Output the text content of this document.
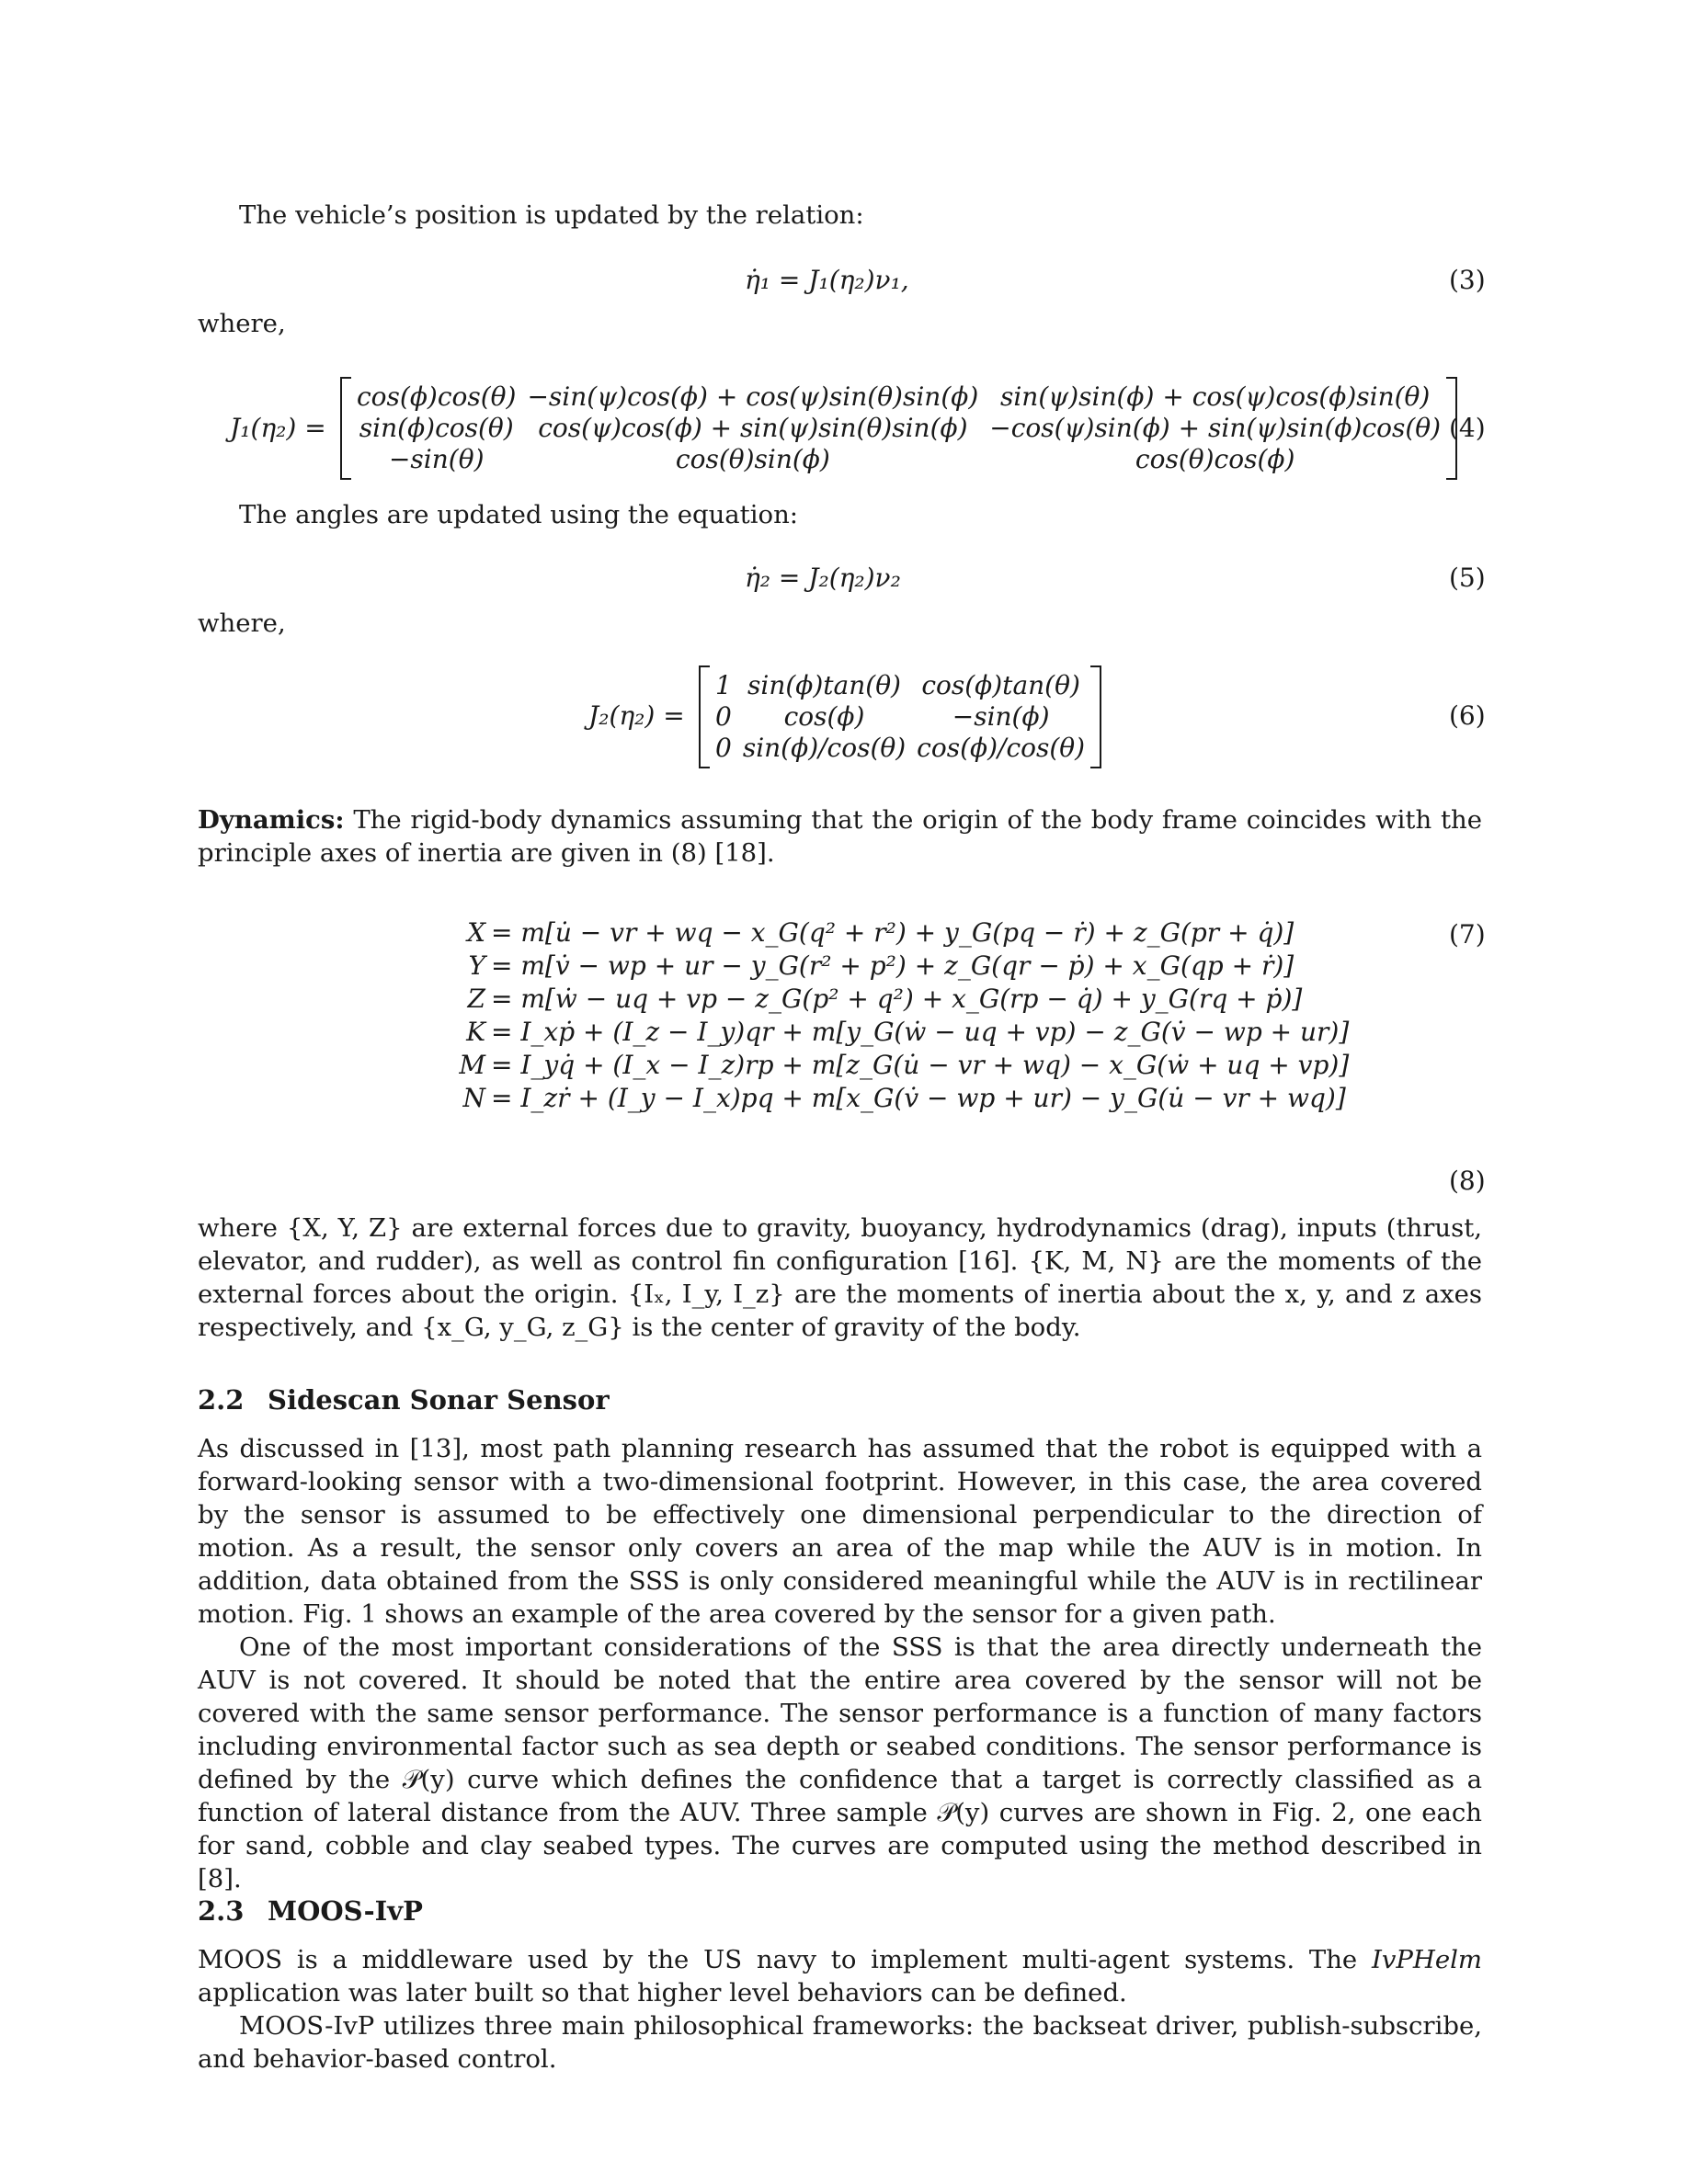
The vehicle’s position is updated by the relation:
η̇₁ = J₁(η₂)ν₁,	(3)
where,
J₁(η₂) =
cos(ϕ)cos(θ)	−sin(ψ)cos(ϕ) + cos(ψ)sin(θ)sin(ϕ)	sin(ψ)sin(ϕ) + cos(ψ)cos(ϕ)sin(θ)
sin(ϕ)cos(θ)	cos(ψ)cos(ϕ) + sin(ψ)sin(θ)sin(ϕ)	−cos(ψ)sin(ϕ) + sin(ψ)sin(ϕ)cos(θ)
−sin(θ)	cos(θ)sin(ϕ)	cos(θ)cos(ϕ)
(4)
The angles are updated using the equation:
η̇₂ = J₂(η₂)ν₂	(5)
where,
J₂(η₂) =
1	sin(ϕ)tan(θ)	cos(ϕ)tan(θ)
0	cos(ϕ)	−sin(ϕ)
0	sin(ϕ)/cos(θ)	cos(ϕ)/cos(θ)
(6)
Dynamics: The rigid-body dynamics assuming that the origin of the body frame coincides with the principle axes of inertia are given in (8) [18].
X = m[u̇ − vr + wq − x_G(q² + r²) + y_G(pq − ṙ) + z_G(pr + q̇)]
Y = m[v̇ − wp + ur − y_G(r² + p²) + z_G(qr − ṗ) + x_G(qp + ṙ)]
Z = m[ẇ − uq + vp − z_G(p² + q²) + x_G(rp − q̇) + y_G(rq + ṗ)]
K = I_xṗ + (I_z − I_y)qr + m[y_G(ẇ − uq + vp) − z_G(v̇ − wp + ur)]
M = I_yq̇ + (I_x − I_z)rp + m[z_G(u̇ − vr + wq) − x_G(ẇ + uq + vp)]
N = I_zṙ + (I_y − I_x)pq + m[x_G(v̇ − wp + ur) − y_G(u̇ − vr + wq)]
(7)
(8)
where {X, Y, Z} are external forces due to gravity, buoyancy, hydrodynamics (drag), inputs (thrust, elevator, and rudder), as well as control fin configuration [16]. {K, M, N} are the moments of the external forces about the origin. {Iₓ, I_y, I_z} are the moments of inertia about the x, y, and z axes respectively, and {x_G, y_G, z_G} is the center of gravity of the body.
2.2 Sidescan Sonar Sensor
As discussed in [13], most path planning research has assumed that the robot is equipped with a forward-looking sensor with a two-dimensional footprint. However, in this case, the area covered by the sensor is assumed to be effectively one dimensional perpendicular to the direction of motion. As a result, the sensor only covers an area of the map while the AUV is in motion. In addition, data obtained from the SSS is only considered meaningful while the AUV is in rectilinear motion. Fig. 1 shows an example of the area covered by the sensor for a given path.
One of the most important considerations of the SSS is that the area directly underneath the AUV is not covered. It should be noted that the entire area covered by the sensor will not be covered with the same sensor performance. The sensor performance is a function of many factors including environmental factor such as sea depth or seabed conditions. The sensor performance is defined by the 𝒫(y) curve which defines the confidence that a target is correctly classified as a function of lateral distance from the AUV. Three sample 𝒫(y) curves are shown in Fig. 2, one each for sand, cobble and clay seabed types. The curves are computed using the method described in [8].
2.3 MOOS-IvP
MOOS is a middleware used by the US navy to implement multi-agent systems. The IvPHelm application was later built so that higher level behaviors can be defined.
MOOS-IvP utilizes three main philosophical frameworks: the backseat driver, publish-subscribe, and behavior-based control.
